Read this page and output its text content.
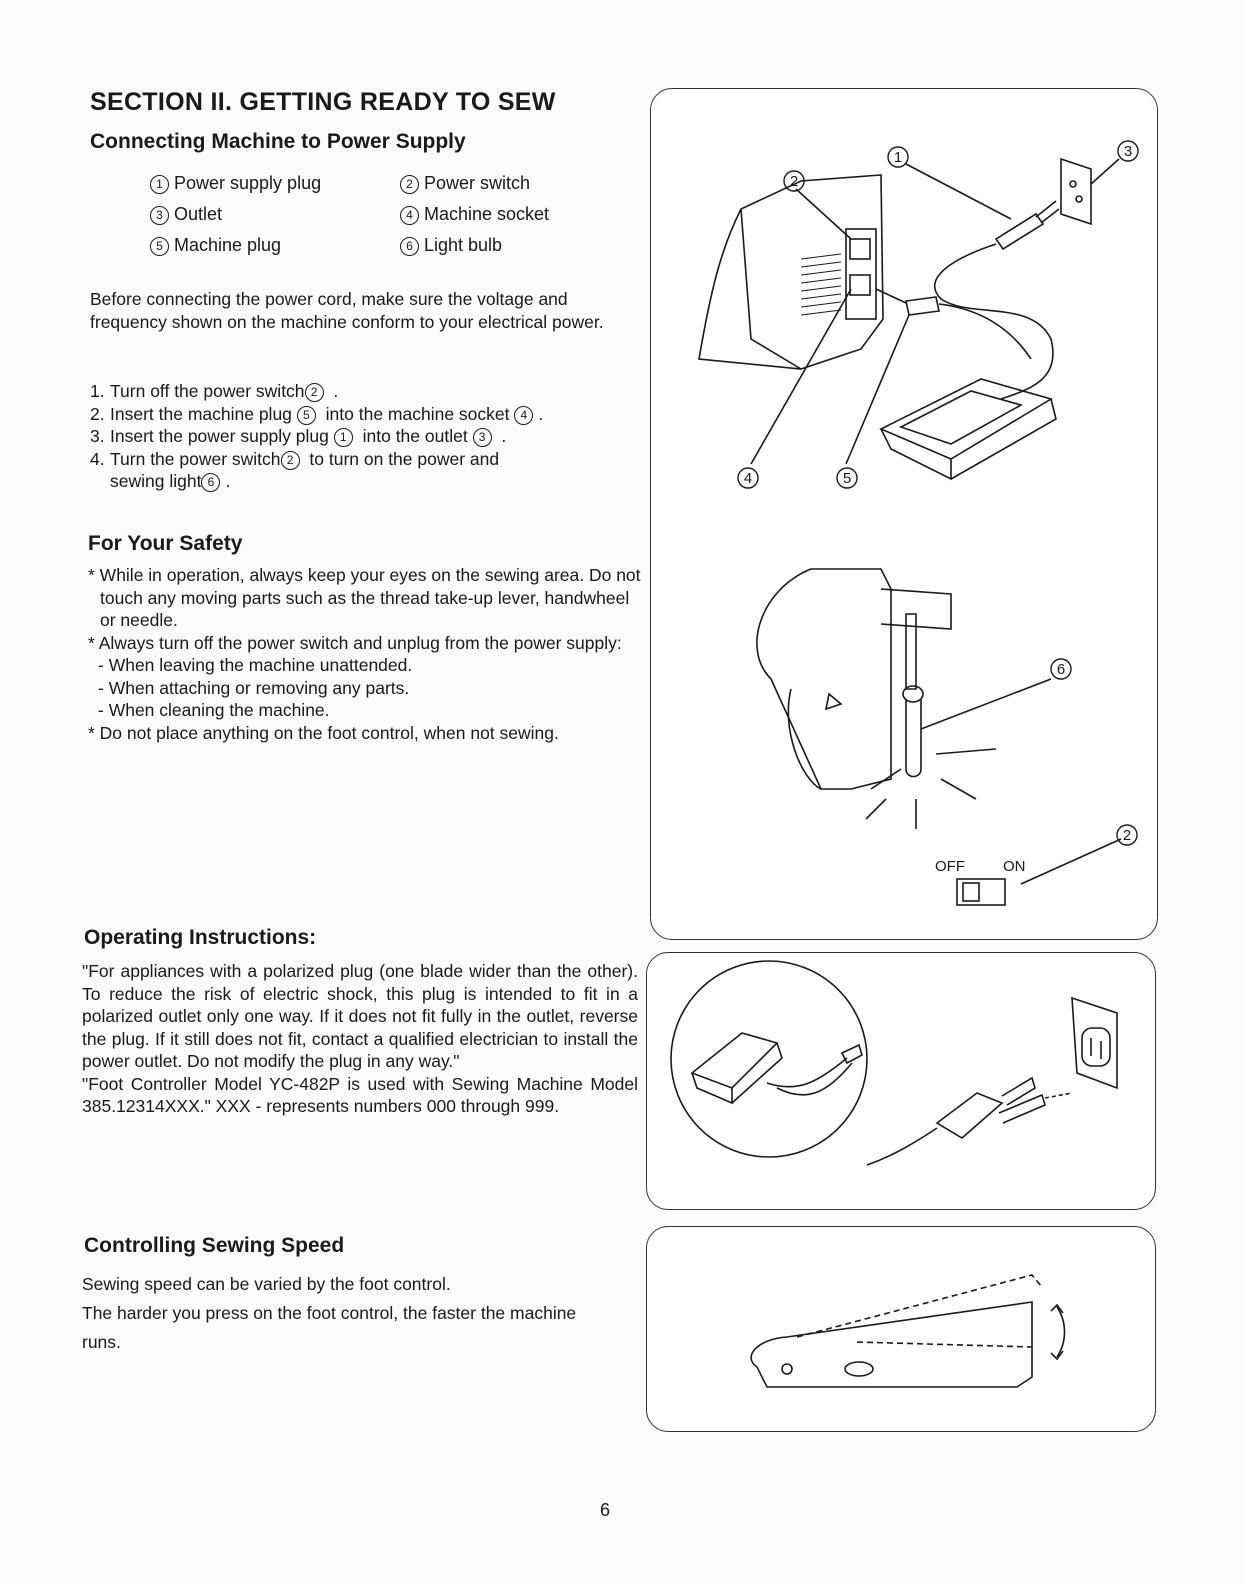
SECTION II. GETTING READY TO SEW
Connecting Machine to Power Supply
1 Power supply plug	2 Power switch
3 Outlet	4 Machine socket
5 Machine plug	6 Light bulb

Before connecting the power cord, make sure the voltage and frequency shown on the machine conform to your electrical power.

1. Turn off the power switch 2 .
2. Insert the machine plug 5 into the machine socket 4 .
3. Insert the power supply plug 1 into the outlet 3 .
4. Turn the power switch 2 to turn on the power and
sewing light 6 .
For Your Safety
* While in operation, always keep your eyes on the sewing area. Do not touch any moving parts such as the thread take-up lever, handwheel or needle.
* Always turn off the power switch and unplug from the power supply:
- When leaving the machine unattended.
- When attaching or removing any parts.
- When cleaning the machine.
* Do not place anything on the foot control, when not sewing.
Operating Instructions:
"For appliances with a polarized plug (one blade wider than the other). To reduce the risk of electric shock, this plug is intended to fit in a polarized outlet only one way. If it does not fit fully in the outlet, reverse the plug. If it still does not fit, contact a qualified electrician to install the power outlet. Do not modify the plug in any way."
"Foot Controller Model YC-482P is used with Sewing Machine Model 385.12314XXX." XXX - represents numbers 000 through 999.
Controlling Sewing Speed
Sewing speed can be varied by the foot control.
The harder you press on the foot control, the faster the machine runs.
6
1
2
3
4	5
6
2
OFF	ON
